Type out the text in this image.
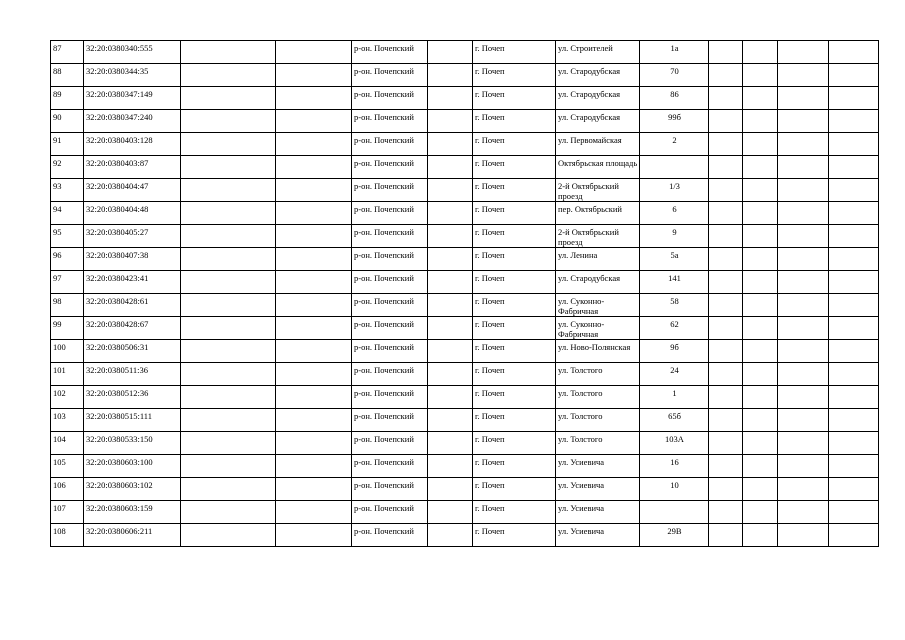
87	32:20:0380340:555			р-он. Почепский		г. Почеп	ул. Строителей	1а				
88	32:20:0380344:35			р-он. Почепский		г. Почеп	ул. Стародубская	70				
89	32:20:0380347:149			р-он. Почепский		г. Почеп	ул. Стародубская	86				
90	32:20:0380347:240			р-он. Почепский		г. Почеп	ул. Стародубская	99б				
91	32:20:0380403:128			р-он. Почепский		г. Почеп	ул. Первомайская	2				
92	32:20:0380403:87			р-он. Почепский		г. Почеп	Октябрьская площадь					
93	32:20:0380404:47			р-он. Почепский		г. Почеп	2-й Октябрьский проезд	1/3				
94	32:20:0380404:48			р-он. Почепский		г. Почеп	пер. Октябрьский	6				
95	32:20:0380405:27			р-он. Почепский		г. Почеп	2-й Октябрьский проезд	9				
96	32:20:0380407:38			р-он. Почепский		г. Почеп	ул. Ленина	5а				
97	32:20:0380423:41			р-он. Почепский		г. Почеп	ул. Стародубская	141				
98	32:20:0380428:61			р-он. Почепский		г. Почеп	ул. Суконно-Фабричная	58				
99	32:20:0380428:67			р-он. Почепский		г. Почеп	ул. Суконно-Фабричная	62				
100	32:20:0380506:31			р-он. Почепский		г. Почеп	ул. Ново-Полянская	9б				
101	32:20:0380511:36			р-он. Почепский		г. Почеп	ул. Толстого	24				
102	32:20:0380512:36			р-он. Почепский		г. Почеп	ул. Толстого	1				
103	32:20:0380515:111			р-он. Почепский		г. Почеп	ул. Толстого	65б				
104	32:20:0380533:150			р-он. Почепский		г. Почеп	ул. Толстого	103А				
105	32:20:0380603:100			р-он. Почепский		г. Почеп	ул. Усиевича	16				
106	32:20:0380603:102			р-он. Почепский		г. Почеп	ул. Усиевича	10				
107	32:20:0380603:159			р-он. Почепский		г. Почеп	ул. Усиевича					
108	32:20:0380606:211			р-он. Почепский		г. Почеп	ул. Усиевича	29В				
